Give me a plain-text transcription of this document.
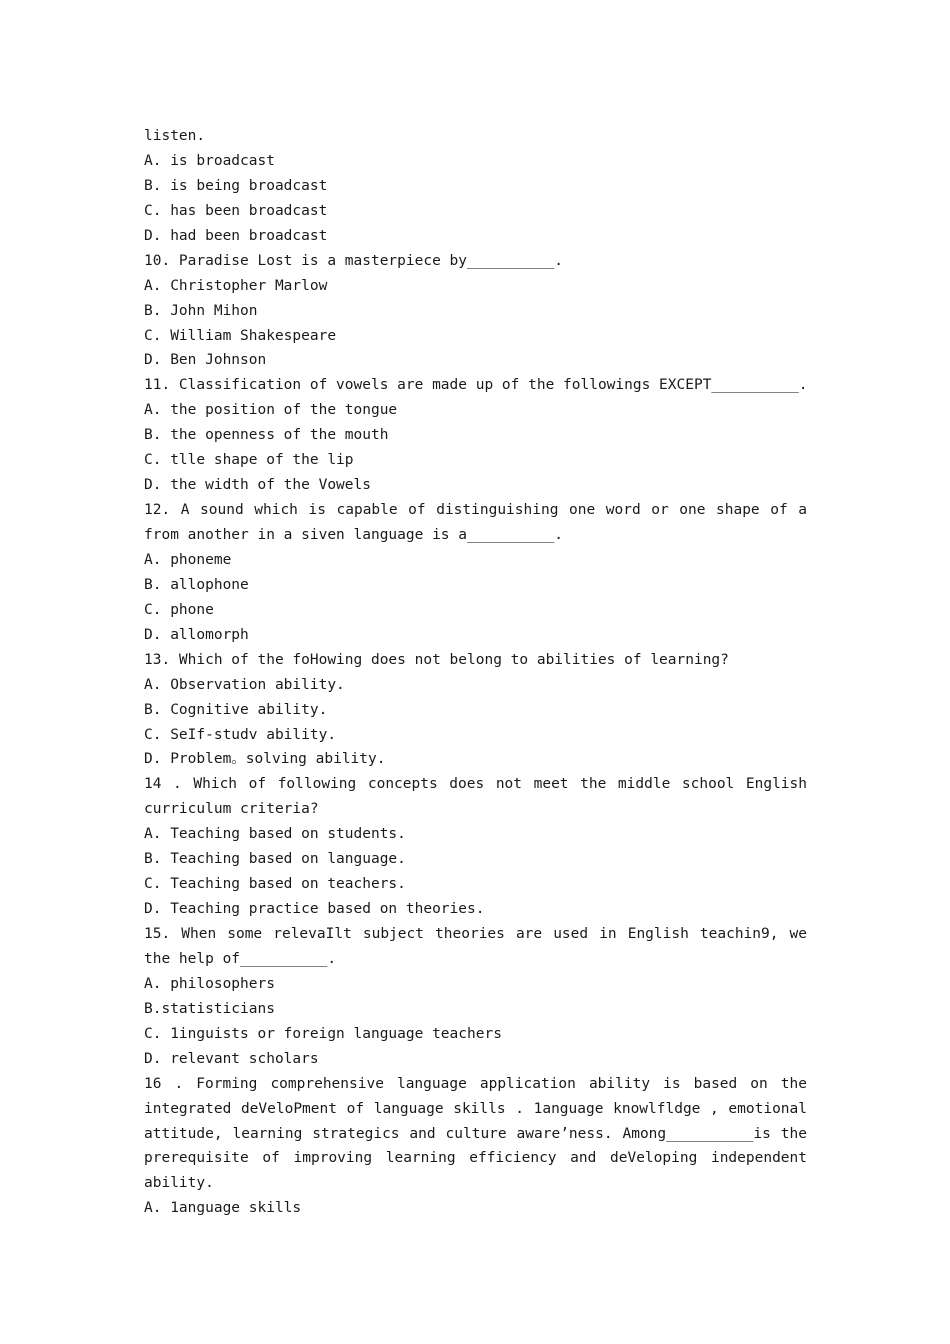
listen.
A. is broadcast
B. is being broadcast
C. has been broadcast
D. had been broadcast
10. Paradise Lost is a masterpiece by__________.
A. Christopher Marlow
B. John Mihon
C. William Shakespeare
D. Ben Johnson
11. Classification of vowels are made up of the followings EXCEPT__________.
A. the position of the tongue
B. the openness of the mouth
C. tlle shape of the lip
D. the width of the Vowels
12. A sound which is capable of distinguishing one word or one shape of a
from another in a siven language is a__________.
A. phoneme
B. allophone
C. phone
D. allomorph
13. Which of the foHowing does not belong to abilities of learning?
A. Observation ability.
B. Cognitive ability.
C. SeIf-studv ability.
D. Problem。solving ability.
14 . Which of following concepts does not meet the middle school English
curriculum criteria?
A. Teaching based on students.
B. Teaching based on language.
C. Teaching based on teachers.
D. Teaching practice based on theories.
15. When some relevaIlt subject theories are used in English teachin9, we
the help of__________.
A. philosophers
B.statisticians
C. 1inguists or foreign language teachers
D. relevant scholars
16 . Forming comprehensive language application ability is based on the
integrated deVeloPment of language skills . 1anguage knowlfldge , emotional
attitude, learning strategics and culture aware’ness. Among__________is the
prerequisite of improving learning efficiency and deVeloping independent
ability.
A. 1anguage skills
